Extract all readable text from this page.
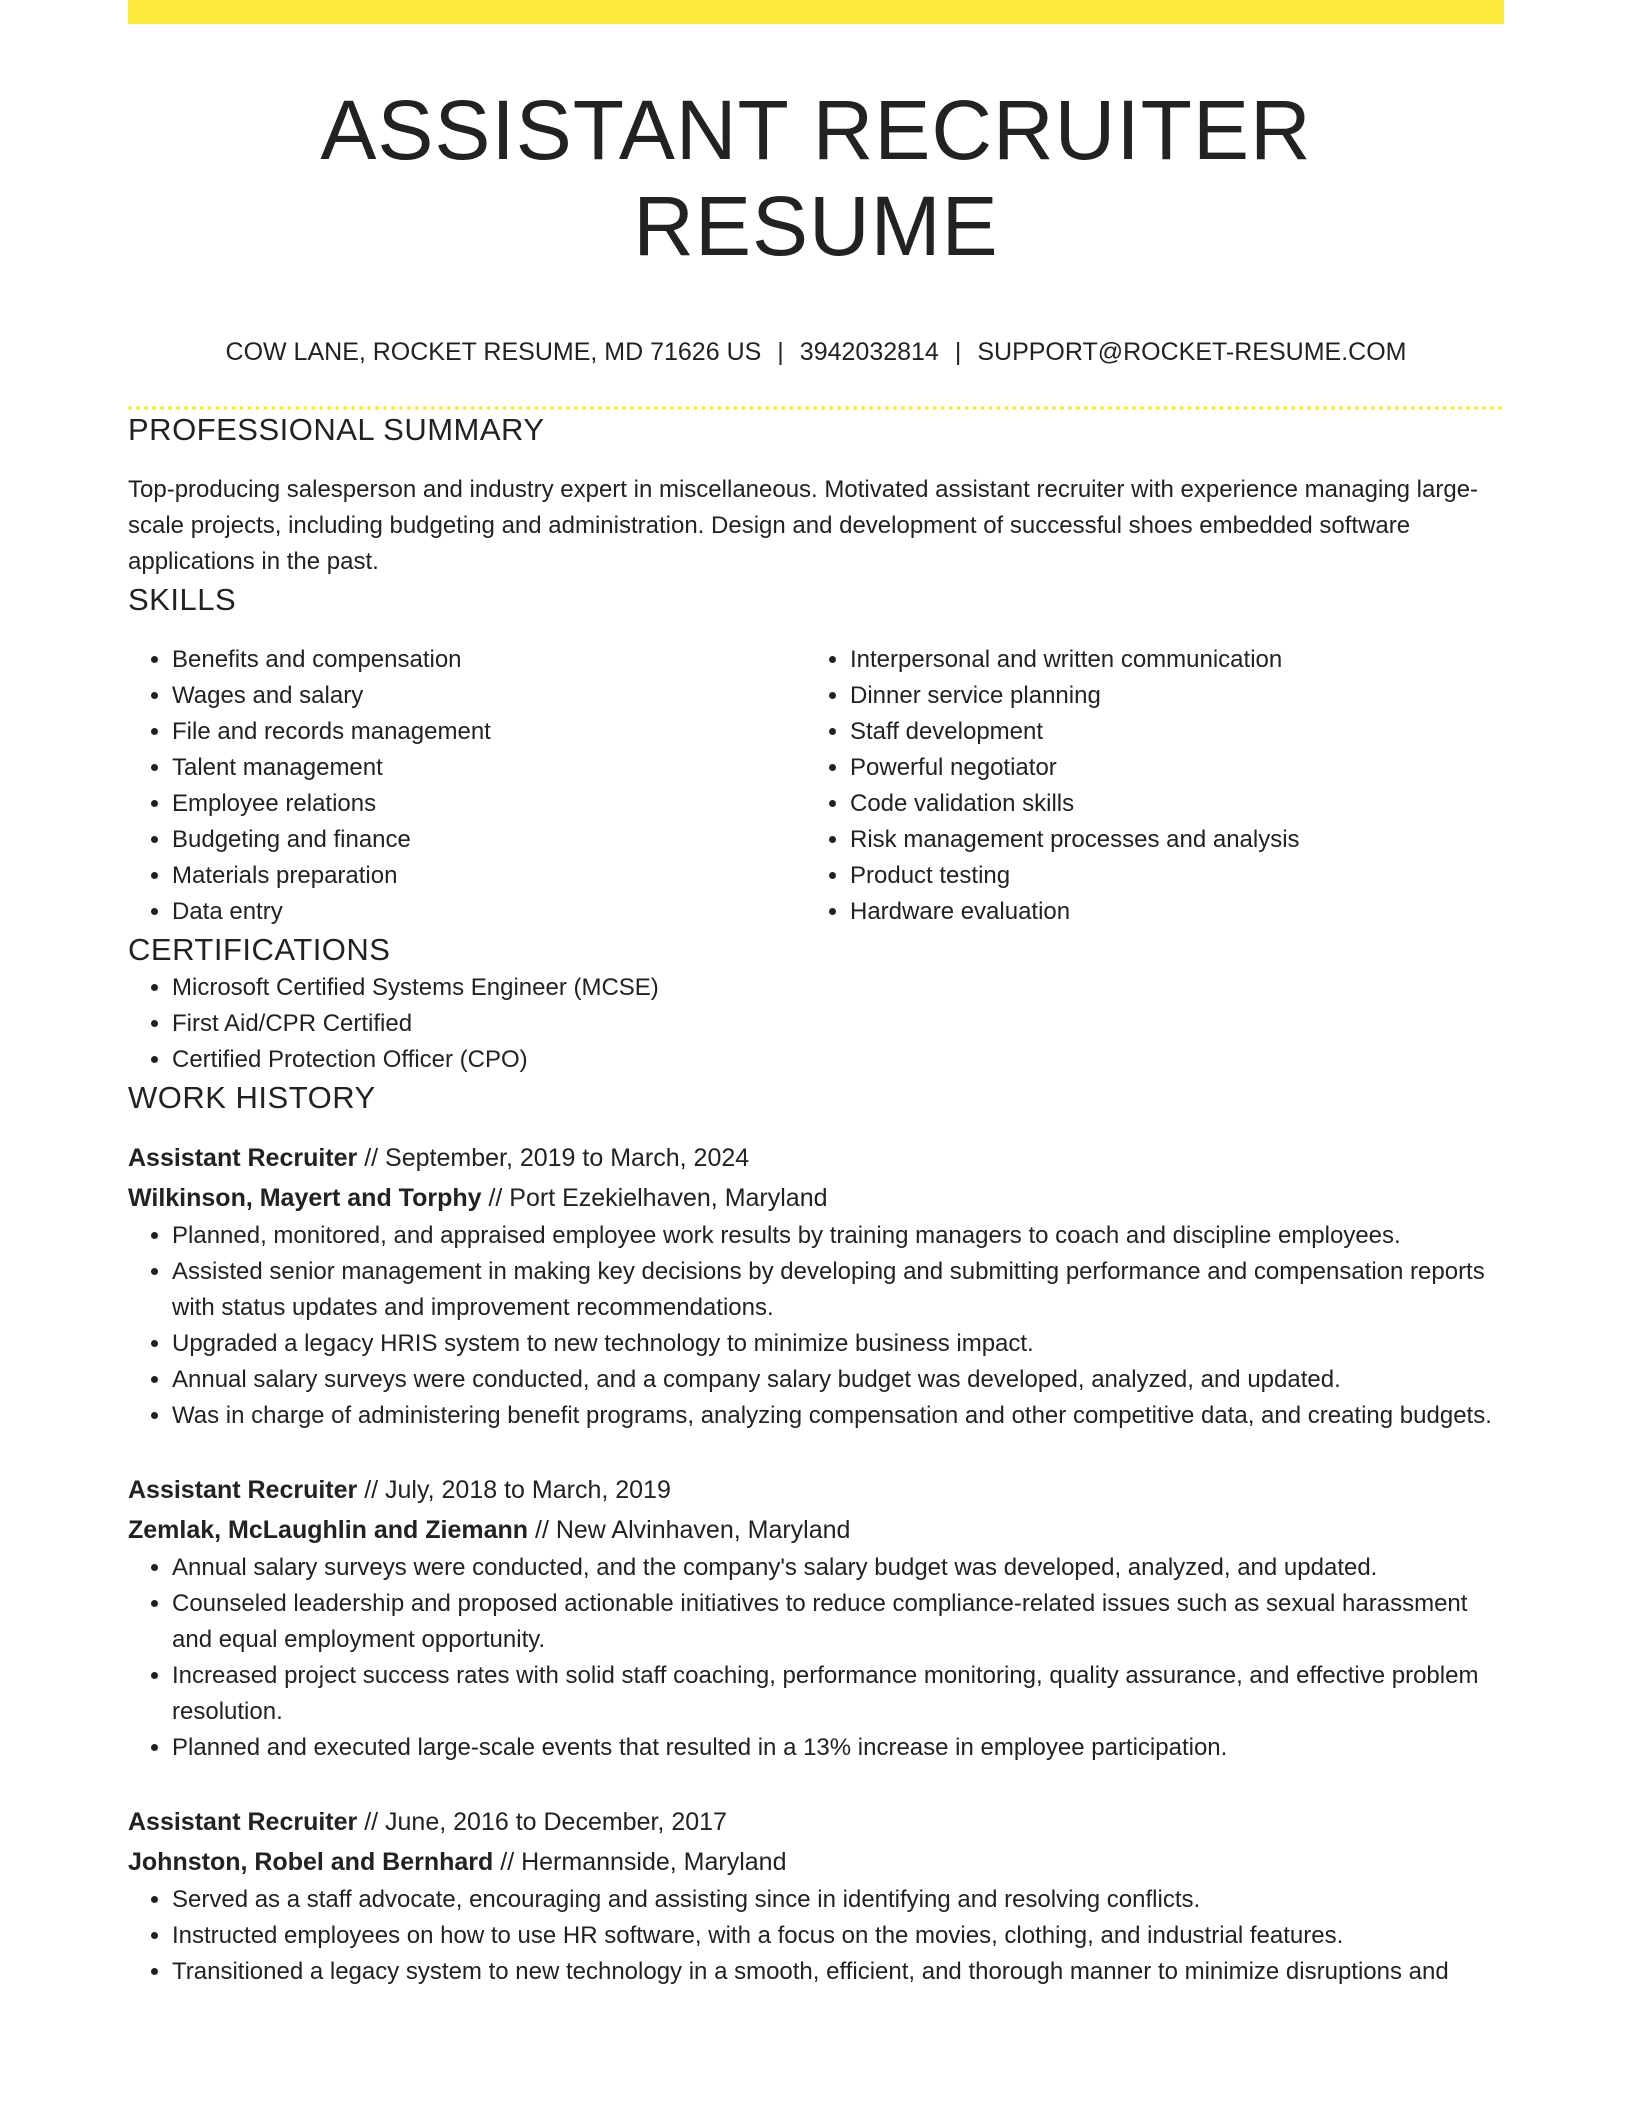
ASSISTANT RECRUITER RESUME
COW LANE, ROCKET RESUME, MD 71626 US | 3942032814 | SUPPORT@ROCKET-RESUME.COM
PROFESSIONAL SUMMARY
Top-producing salesperson and industry expert in miscellaneous. Motivated assistant recruiter with experience managing large-scale projects, including budgeting and administration. Design and development of successful shoes embedded software applications in the past.
SKILLS
• Benefits and compensation
• Wages and salary
• File and records management
• Talent management
• Employee relations
• Budgeting and finance
• Materials preparation
• Data entry
• Interpersonal and written communication
• Dinner service planning
• Staff development
• Powerful negotiator
• Code validation skills
• Risk management processes and analysis
• Product testing
• Hardware evaluation
CERTIFICATIONS
• Microsoft Certified Systems Engineer (MCSE)
• First Aid/CPR Certified
• Certified Protection Officer (CPO)
WORK HISTORY
Assistant Recruiter // September, 2019 to March, 2024
Wilkinson, Mayert and Torphy // Port Ezekielhaven, Maryland
• Planned, monitored, and appraised employee work results by training managers to coach and discipline employees.
• Assisted senior management in making key decisions by developing and submitting performance and compensation reports with status updates and improvement recommendations.
• Upgraded a legacy HRIS system to new technology to minimize business impact.
• Annual salary surveys were conducted, and a company salary budget was developed, analyzed, and updated.
• Was in charge of administering benefit programs, analyzing compensation and other competitive data, and creating budgets.
Assistant Recruiter // July, 2018 to March, 2019
Zemlak, McLaughlin and Ziemann // New Alvinhaven, Maryland
• Annual salary surveys were conducted, and the company's salary budget was developed, analyzed, and updated.
• Counseled leadership and proposed actionable initiatives to reduce compliance-related issues such as sexual harassment and equal employment opportunity.
• Increased project success rates with solid staff coaching, performance monitoring, quality assurance, and effective problem resolution.
• Planned and executed large-scale events that resulted in a 13% increase in employee participation.
Assistant Recruiter // June, 2016 to December, 2017
Johnston, Robel and Bernhard // Hermannside, Maryland
• Served as a staff advocate, encouraging and assisting since in identifying and resolving conflicts.
• Instructed employees on how to use HR software, with a focus on the movies, clothing, and industrial features.
• Transitioned a legacy system to new technology in a smooth, efficient, and thorough manner to minimize disruptions and
